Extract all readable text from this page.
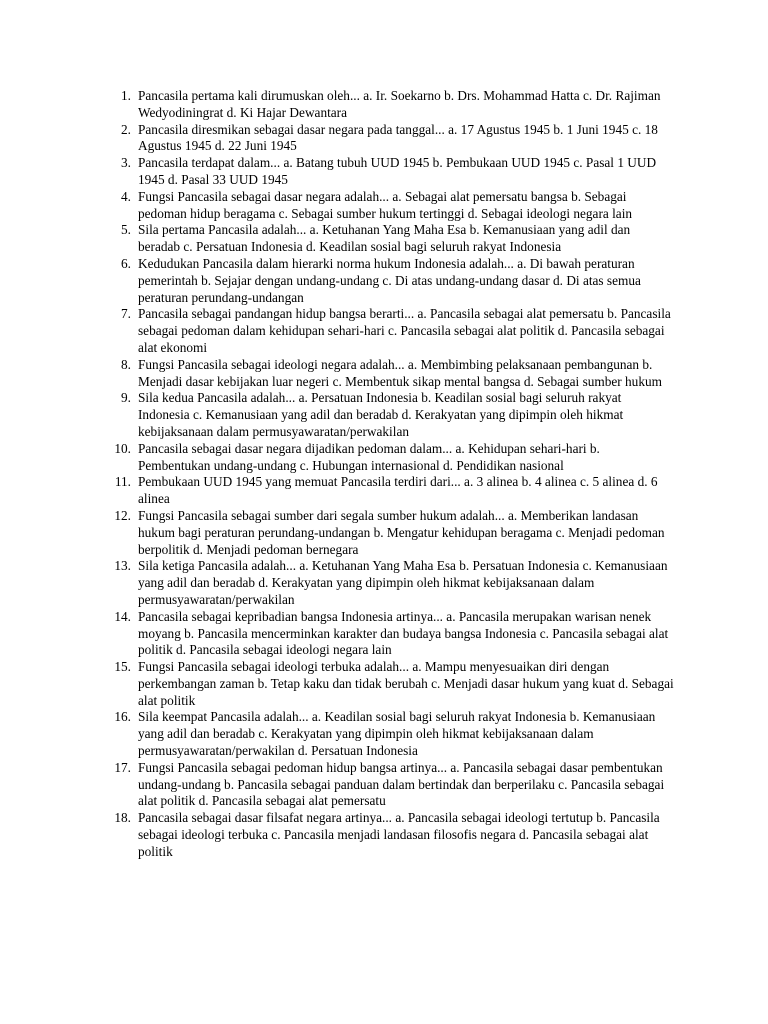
1. Pancasila pertama kali dirumuskan oleh... a. Ir. Soekarno b. Drs. Mohammad Hatta c. Dr. Rajiman Wedyodiningrat d. Ki Hajar Dewantara
2. Pancasila diresmikan sebagai dasar negara pada tanggal... a. 17 Agustus 1945 b. 1 Juni 1945 c. 18 Agustus 1945 d. 22 Juni 1945
3. Pancasila terdapat dalam... a. Batang tubuh UUD 1945 b. Pembukaan UUD 1945 c. Pasal 1 UUD 1945 d. Pasal 33 UUD 1945
4. Fungsi Pancasila sebagai dasar negara adalah... a. Sebagai alat pemersatu bangsa b. Sebagai pedoman hidup beragama c. Sebagai sumber hukum tertinggi d. Sebagai ideologi negara lain
5. Sila pertama Pancasila adalah... a. Ketuhanan Yang Maha Esa b. Kemanusiaan yang adil dan beradab c. Persatuan Indonesia d. Keadilan sosial bagi seluruh rakyat Indonesia
6. Kedudukan Pancasila dalam hierarki norma hukum Indonesia adalah... a. Di bawah peraturan pemerintah b. Sejajar dengan undang-undang c. Di atas undang-undang dasar d. Di atas semua peraturan perundang-undangan
7. Pancasila sebagai pandangan hidup bangsa berarti... a. Pancasila sebagai alat pemersatu b. Pancasila sebagai pedoman dalam kehidupan sehari-hari c. Pancasila sebagai alat politik d. Pancasila sebagai alat ekonomi
8. Fungsi Pancasila sebagai ideologi negara adalah... a. Membimbing pelaksanaan pembangunan b. Menjadi dasar kebijakan luar negeri c. Membentuk sikap mental bangsa d. Sebagai sumber hukum
9. Sila kedua Pancasila adalah... a. Persatuan Indonesia b. Keadilan sosial bagi seluruh rakyat Indonesia c. Kemanusiaan yang adil dan beradab d. Kerakyatan yang dipimpin oleh hikmat kebijaksanaan dalam permusyawaratan/perwakilan
10. Pancasila sebagai dasar negara dijadikan pedoman dalam... a. Kehidupan sehari-hari b. Pembentukan undang-undang c. Hubungan internasional d. Pendidikan nasional
11. Pembukaan UUD 1945 yang memuat Pancasila terdiri dari... a. 3 alinea b. 4 alinea c. 5 alinea d. 6 alinea
12. Fungsi Pancasila sebagai sumber dari segala sumber hukum adalah... a. Memberikan landasan hukum bagi peraturan perundang-undangan b. Mengatur kehidupan beragama c. Menjadi pedoman berpolitik d. Menjadi pedoman bernegara
13. Sila ketiga Pancasila adalah... a. Ketuhanan Yang Maha Esa b. Persatuan Indonesia c. Kemanusiaan yang adil dan beradab d. Kerakyatan yang dipimpin oleh hikmat kebijaksanaan dalam permusyawaratan/perwakilan
14. Pancasila sebagai kepribadian bangsa Indonesia artinya... a. Pancasila merupakan warisan nenek moyang b. Pancasila mencerminkan karakter dan budaya bangsa Indonesia c. Pancasila sebagai alat politik d. Pancasila sebagai ideologi negara lain
15. Fungsi Pancasila sebagai ideologi terbuka adalah... a. Mampu menyesuaikan diri dengan perkembangan zaman b. Tetap kaku dan tidak berubah c. Menjadi dasar hukum yang kuat d. Sebagai alat politik
16. Sila keempat Pancasila adalah... a. Keadilan sosial bagi seluruh rakyat Indonesia b. Kemanusiaan yang adil dan beradab c. Kerakyatan yang dipimpin oleh hikmat kebijaksanaan dalam permusyawaratan/perwakilan d. Persatuan Indonesia
17. Fungsi Pancasila sebagai pedoman hidup bangsa artinya... a. Pancasila sebagai dasar pembentukan undang-undang b. Pancasila sebagai panduan dalam bertindak dan berperilaku c. Pancasila sebagai alat politik d. Pancasila sebagai alat pemersatu
18. Pancasila sebagai dasar filsafat negara artinya... a. Pancasila sebagai ideologi tertutup b. Pancasila sebagai ideologi terbuka c. Pancasila menjadi landasan filosofis negara d. Pancasila sebagai alat politik
